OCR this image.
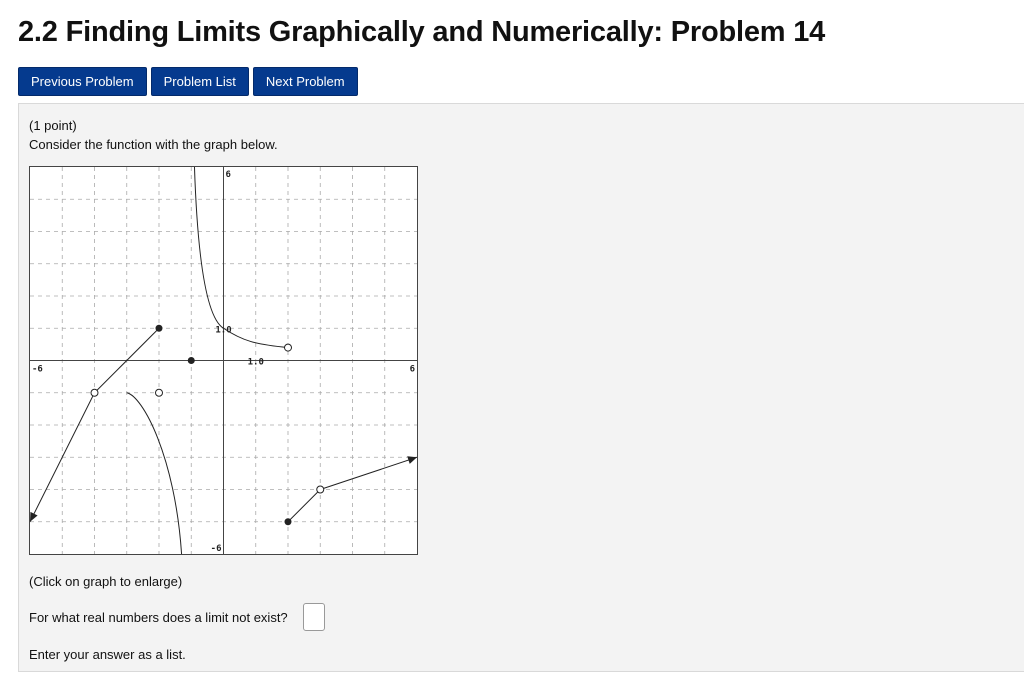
2.2 Finding Limits Graphically and Numerically: Problem 14
Previous Problem	Problem List	Next Problem
(1 point)
Consider the function with the graph below.
-6	6
6
-6
1.0
1.0
(Click on graph to enlarge)
For what real numbers does a limit not exist?
Enter your answer as a list.
